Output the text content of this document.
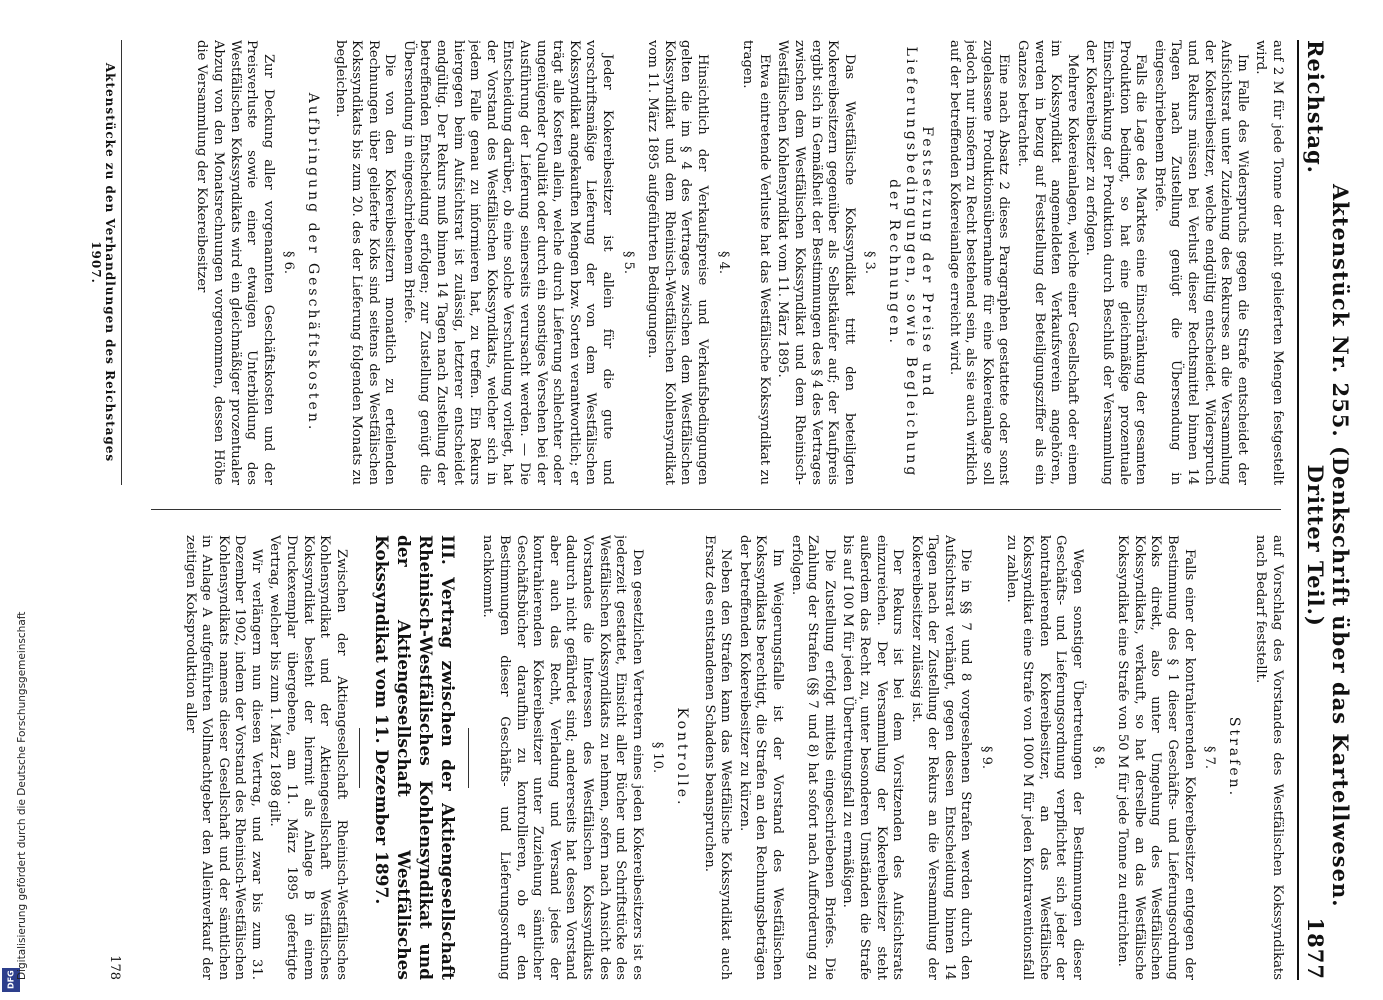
DFG
Digitalisierung gefördert durch die Deutsche Forschungsgemeinschaft
Reichstag.
Aktenstück Nr. 255. (Denkschrift über das Kartellwesen. Dritter Teil.)
1877

auf 2 M für jede Tonne der nicht gelieferten Mengen festgestellt wird.

Im Falle des Widerspruchs gegen die Strafe entscheidet der Aufsichtsrat unter Zuziehung des Rekurses an die Versammlung der Kokereibesitzer, welche endgültig entscheidet. Widerspruch und Rekurs müssen bei Verlust dieser Rechtsmittel binnen 14 Tagen nach Zustellung genügt die Übersendung in eingeschriebenem Briefe.

Falls die Lage des Marktes eine Einschränkung der gesamten Produktion bedingt, so hat eine gleichmäßige prozentuale Einschränkung der Produktion durch Beschluß der Versammlung der Kokereibesitzer zu erfolgen.

Mehrere Kokereianlagen, welche einer Gesellschaft oder einem im Kokssyndikat angemeldeten Verkaufsverein angehören, werden in bezug auf Feststellung der Beteiligungsziffer als ein Ganzes betrachtet.

Eine nach Absatz 2 dieses Paragraphen gestattete oder sonst zugelassene Produktionsübernahme für eine Kokereianlage soll jedoch nur insofern zu Recht bestehend sein, als sie auch wirklich auf der betreffenden Kokereianlage erreicht wird.

Festsetzung der Preise und Lieferungsbedingungen, sowie Begleichung der Rechnungen.
§ 3.

Das Westfälische Kokssyndikat tritt den beteiligten Kokereibesitzern gegenüber als Selbstkäufer auf; der Kaufpreis ergibt sich in Gemäßheit der Bestimmungen des § 4 des Vertrages zwischen dem Westfälischen Kokssyndikat und dem Rheinisch-Westfälischen Kohlensyndikat vom 11. März 1895.

Etwa eintretende Verluste hat das Westfälische Kokssyndikat zu tragen.

§ 4.

Hinsichtlich der Verkaufspreise und Verkaufsbedingungen gelten die im § 4 des Vertrages zwischen dem Westfälischen Kokssyndikat und dem Rheinisch-Westfälischen Kohlensyndikat vom 11. März 1895 aufgeführten Bedingungen.

§ 5.

Jeder Kokereibesitzer ist allein für die gute und vorschriftsmäßige Lieferung der von dem Westfälischen Kokssyndikat angekauften Mengen bzw. Sorten verantwortlich; er trägt alle Kosten allein, welche durch Lieferung schlechter oder ungenügender Qualität oder durch ein sonstiges Versehen bei der Ausführung der Lieferung seinerseits verursacht werden. — Die Entscheidung darüber, ob eine solche Verschuldung vorliegt, hat der Vorstand des Westfälischen Kokssyndikats, welcher sich in jedem Falle genau zu informieren hat, zu treffen. Ein Rekurs hiergegen beim Aufsichtsrat ist zulässig, letzterer entscheidet endgültig. Der Rekurs muß binnen 14 Tagen nach Zustellung der betreffenden Entscheidung erfolgen; zur Zustellung genügt die Übersendung in eingeschriebenem Briefe.

Die von den Kokereibesitzern monatlich zu erteilenden Rechnungen über gelieferte Koks sind seitens des Westfälischen Kokssyndikats bis zum 20. des der Lieferung folgenden Monats zu begleichen.

Aufbringung der Geschäftskosten.
§ 6.

Zur Deckung aller vorgenannten Geschäftskosten und der Preisverluste sowie einer etwaigen Unterbildung des Westfälischen Kokssyndikats wird ein gleichmäßiger prozentualer Abzug von den Monatsrechnungen vorgenommen, dessen Höhe die Versammlung der Kokereibesitzer

auf Vorschlag des Vorstandes des Westfälischen Kokssyndikats nach Bedarf feststellt.

Strafen.
§ 7.

Falls einer der kontrahierenden Kokereibesitzer entgegen der Bestimmung des § 1 dieser Geschäfts- und Lieferungsordnung Koks direkt, also unter Umgehung des Westfälischen Kokssyndikats, verkauft, so hat derselbe an das Westfälische Kokssyndikat eine Strafe von 50 M für jede Tonne zu entrichten.

§ 8.

Wegen sonstiger Übertretungen der Bestimmungen dieser Geschäfts- und Lieferungsordnung verpflichtet sich jeder der kontrahierenden Kokereibesitzer, an das Westfälische Kokssyndikat eine Strafe von 1000 M für jeden Kontraventionsfall zu zahlen.

§ 9.

Die in §§ 7 und 8 vorgesehenen Strafen werden durch den Aufsichtsrat verhängt, gegen dessen Entscheidung binnen 14 Tagen nach der Zustellung der Rekurs an die Versammlung der Kokereibesitzer zulässig ist.

Der Rekurs ist bei dem Vorsitzenden des Aufsichtsrats einzureichen. Der Versammlung der Kokereibesitzer steht außerdem das Recht zu, unter besonderen Umständen die Strafe bis auf 100 M für jeden Übertretungsfall zu ermäßigen.

Die Zustellung erfolgt mittels eingeschriebenen Briefes. Die Zahlung der Strafen (§§ 7 und 8) hat sofort nach Aufforderung zu erfolgen.

Im Weigerungsfalle ist der Vorstand des Westfälischen Kokssyndikats berechtigt, die Strafen an den Rechnungsbeträgen der betreffenden Kokereibesitzer zu kürzen.

Neben den Strafen kann das Westfälische Kokssyndikat auch Ersatz des entstandenen Schadens beanspruchen.

Kontrolle.
§ 10.

Den gesetzlichen Vertretern eines jeden Kokereibesitzers ist es jederzeit gestattet, Einsicht aller Bücher und Schriftstücke des Westfälischen Kokssyndikats zu nehmen, sofern nach Ansicht des Vorstandes die Interessen des Westfälischen Kokssyndikats dadurch nicht gefährdet sind; andererseits hat dessen Vorstand aber auch das Recht, Verladung und Versand jedes der kontrahierenden Kokereibesitzer unter Zuziehung sämtlicher Geschäftsbücher daraufhin zu kontrollieren, ob er den Bestimmungen dieser Geschäfts- und Lieferungsordnung nachkommt.

III. Vertrag zwischen der Aktiengesellschaft Rheinisch-Westfälisches Kohlensyndikat und der Aktiengesellschaft Westfälisches Kokssyndikat vom 11. Dezember 1897.

Zwischen der Aktiengesellschaft Rheinisch-Westfälisches Kohlensyndikat und der Aktiengesellschaft Westfälisches Kokssyndikat besteht der hiermit als Anlage B in einem Druckexemplar übergebene, am 11. März 1895 gefertigte Vertrag, welcher bis zum 1. März 1898 gilt.

Wir verlängern nun diesen Vertrag, und zwar bis zum 31. Dezember 1902, indem der Vorstand des Rheinisch-Westfälischen Kohlensyndikats namens dieser Gesellschaft und der sämtlichen in Anlage A aufgeführten Vollmachtgeber den Alleinverkauf der zeitigen Koksproduktion aller

Aktenstücke zu den Verhandlungen des Reichstages 1907.
178
